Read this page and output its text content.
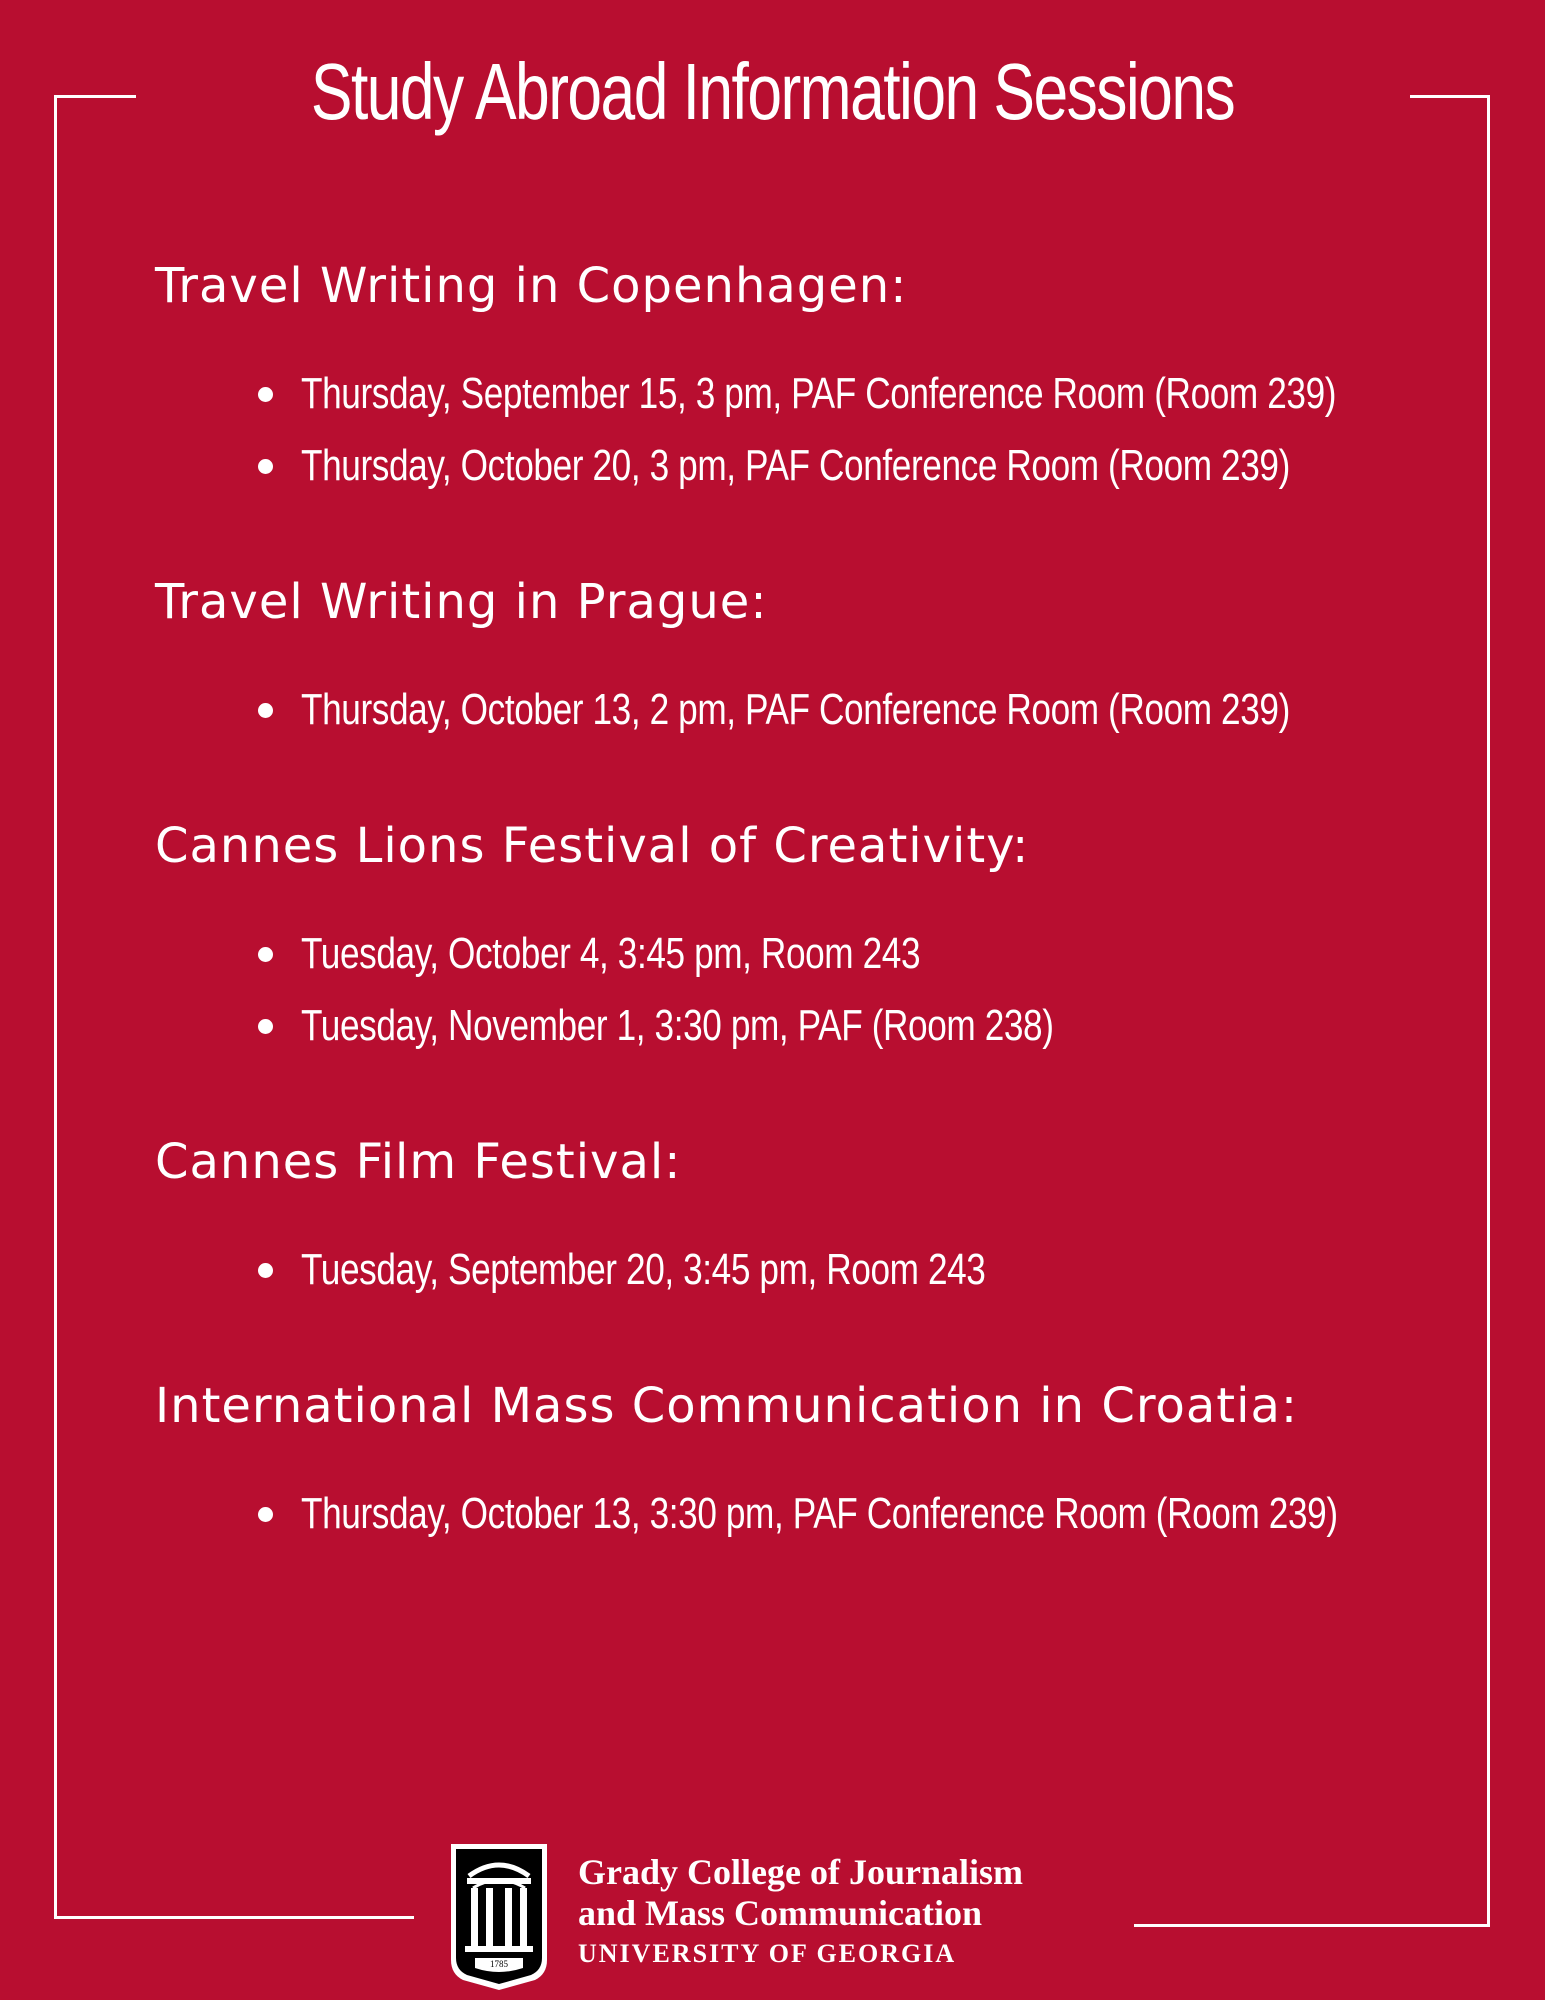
Study Abroad Information Sessions
Travel Writing in Copenhagen:
Thursday, September 15, 3 pm, PAF Conference Room (Room 239)
Thursday, October 20, 3 pm, PAF Conference Room (Room 239)
Travel Writing in Prague:
Thursday, October 13, 2 pm, PAF Conference Room (Room 239)
Cannes Lions Festival of Creativity:
Tuesday, October 4, 3:45 pm, Room 243
Tuesday, November 1, 3:30 pm, PAF (Room 238)
Cannes Film Festival:
Tuesday, September 20, 3:45 pm, Room 243
International Mass Communication in Croatia:
Thursday, October 13, 3:30 pm, PAF Conference Room (Room 239)
1785
Grady College of Journalism
and Mass Communication
UNIVERSITY OF GEORGIA
